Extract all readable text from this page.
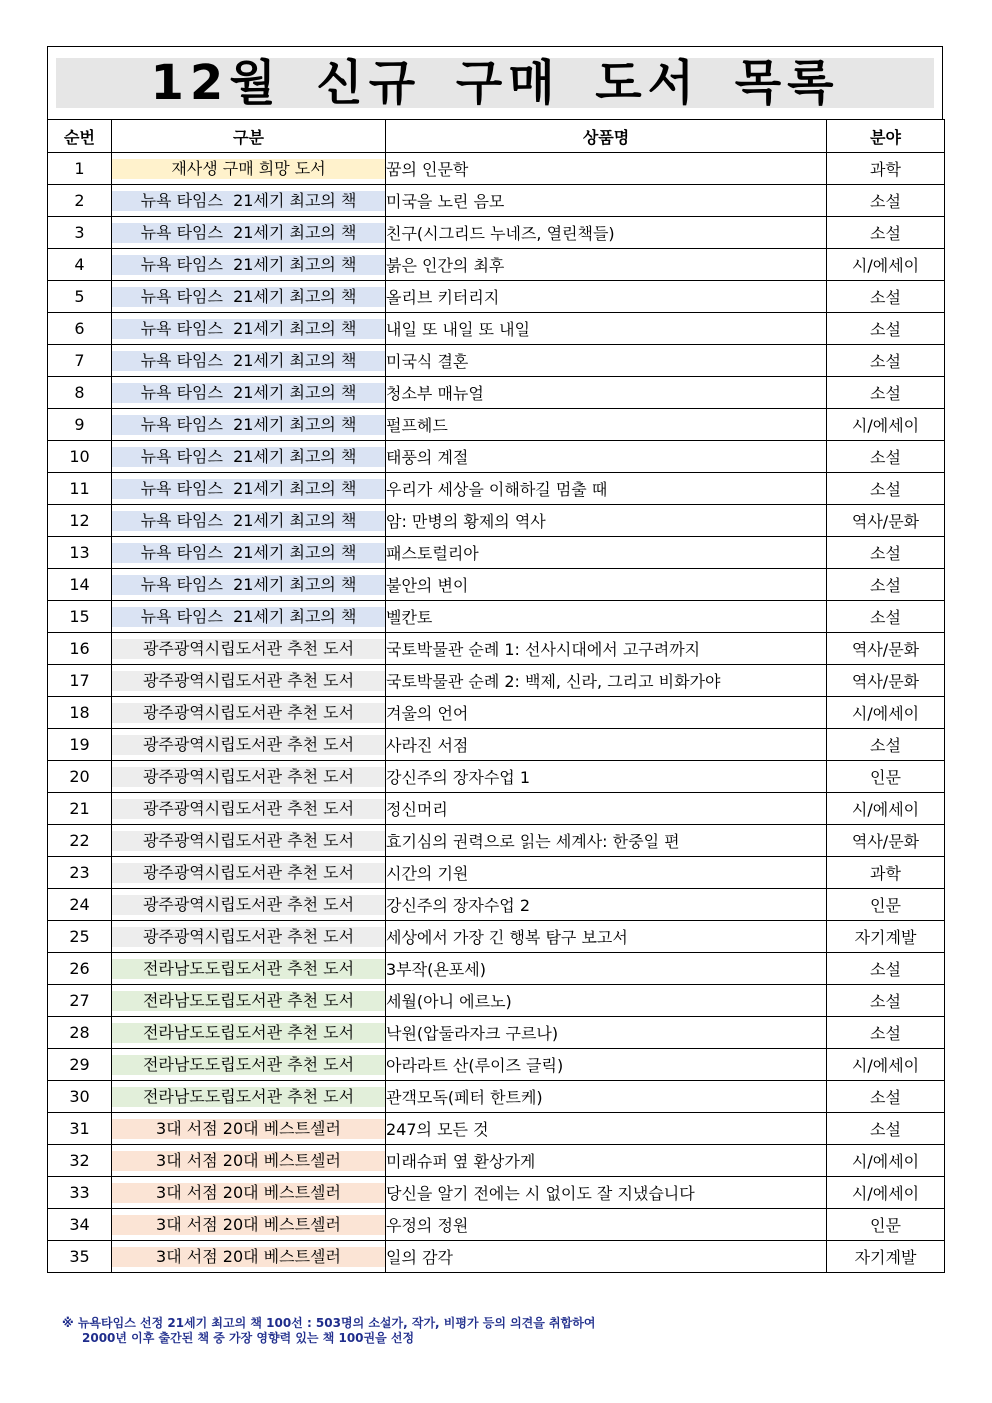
12월 신규 구매 도서 목록
순번	구분	상품명	분야
1	재사생 구매 희망 도서	꿈의 인문학	과학
2	뉴욕 타임스  21세기 최고의 책	미국을 노린 음모	소설
3	뉴욕 타임스  21세기 최고의 책	친구(시그리드 누네즈, 열린책들)	소설
4	뉴욕 타임스  21세기 최고의 책	붉은 인간의 최후	시/에세이
5	뉴욕 타임스  21세기 최고의 책	올리브 키터리지	소설
6	뉴욕 타임스  21세기 최고의 책	내일 또 내일 또 내일	소설
7	뉴욕 타임스  21세기 최고의 책	미국식 결혼	소설
8	뉴욕 타임스  21세기 최고의 책	청소부 매뉴얼	소설
9	뉴욕 타임스  21세기 최고의 책	펄프헤드	시/에세이
10	뉴욕 타임스  21세기 최고의 책	태풍의 계절	소설
11	뉴욕 타임스  21세기 최고의 책	우리가 세상을 이해하길 멈출 때	소설
12	뉴욕 타임스  21세기 최고의 책	암: 만병의 황제의 역사	역사/문화
13	뉴욕 타임스  21세기 최고의 책	패스토럴리아	소설
14	뉴욕 타임스  21세기 최고의 책	불안의 변이	소설
15	뉴욕 타임스  21세기 최고의 책	벨칸토	소설
16	광주광역시립도서관 추천 도서	국토박물관 순례 1: 선사시대에서 고구려까지	역사/문화
17	광주광역시립도서관 추천 도서	국토박물관 순례 2: 백제, 신라, 그리고 비화가야	역사/문화
18	광주광역시립도서관 추천 도서	겨울의 언어	시/에세이
19	광주광역시립도서관 추천 도서	사라진 서점	소설
20	광주광역시립도서관 추천 도서	강신주의 장자수업 1	인문
21	광주광역시립도서관 추천 도서	정신머리	시/에세이
22	광주광역시립도서관 추천 도서	효기심의 권력으로 읽는 세계사: 한중일 편	역사/문화
23	광주광역시립도서관 추천 도서	시간의 기원	과학
24	광주광역시립도서관 추천 도서	강신주의 장자수업 2	인문
25	광주광역시립도서관 추천 도서	세상에서 가장 긴 행복 탐구 보고서	자기계발
26	전라남도도립도서관 추천 도서	3부작(욘포세)	소설
27	전라남도도립도서관 추천 도서	세월(아니 에르노)	소설
28	전라남도도립도서관 추천 도서	낙원(압둘라자크 구르나)	소설
29	전라남도도립도서관 추천 도서	아라라트 산(루이즈 글릭)	시/에세이
30	전라남도도립도서관 추천 도서	관객모독(페터 한트케)	소설
31	3대 서점 20대 베스트셀러	247의 모든 것	소설
32	3대 서점 20대 베스트셀러	미래슈퍼 옆 환상가게	시/에세이
33	3대 서점 20대 베스트셀러	당신을 알기 전에는 시 없이도 잘 지냈습니다	시/에세이
34	3대 서점 20대 베스트셀러	우정의 정원	인문
35	3대 서점 20대 베스트셀러	일의 감각	자기계발
※ 뉴욕타임스 선정 21세기 최고의 책 100선 : 503명의 소설가, 작가, 비평가 등의 의견을 취합하여
2000년 이후 출간된 책 중 가장 영향력 있는 책 100권을 선정
